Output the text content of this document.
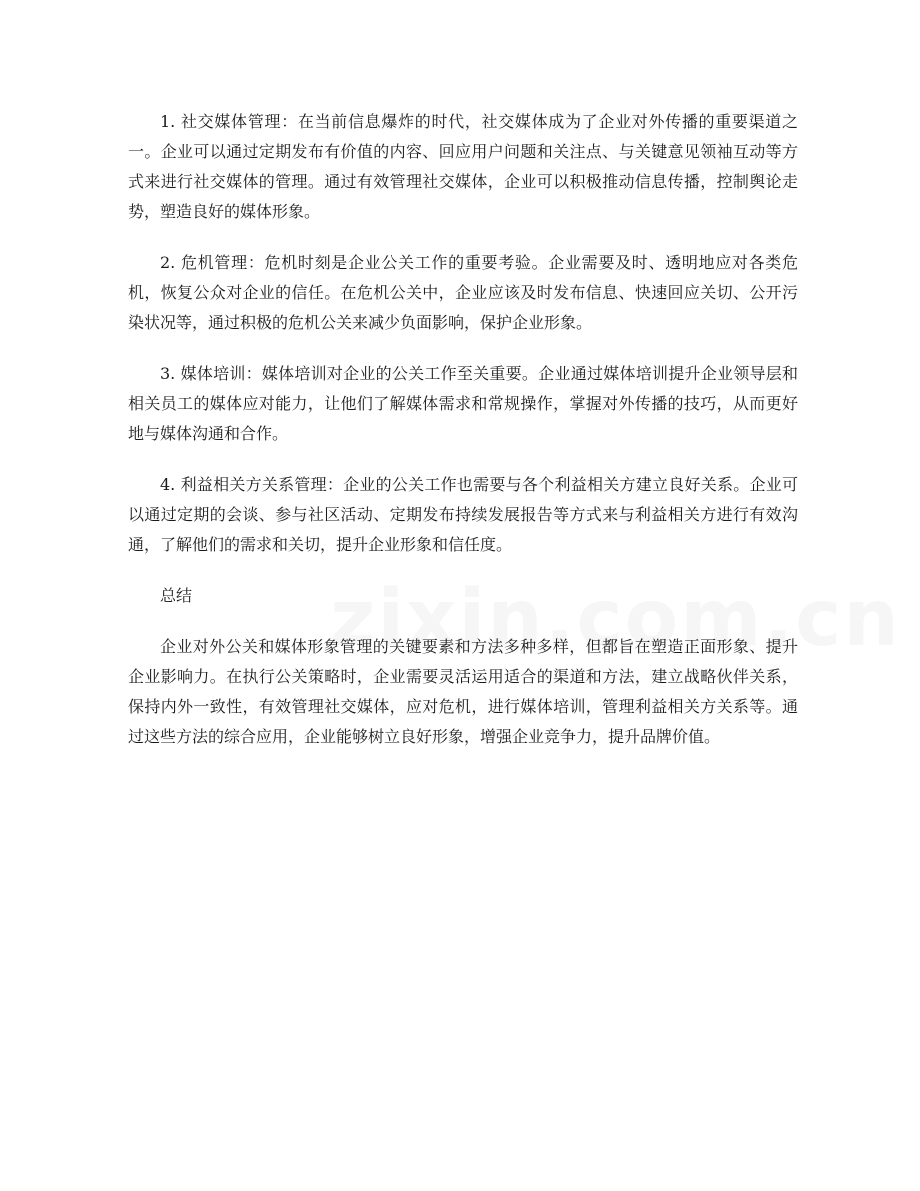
1. 社交媒体管理：在当前信息爆炸的时代，社交媒体成为了企业对外传播的重要渠道之一。企业可以通过定期发布有价值的内容、回应用户问题和关注点、与关键意见领袖互动等方式来进行社交媒体的管理。通过有效管理社交媒体，企业可以积极推动信息传播，控制舆论走势，塑造良好的媒体形象。

2. 危机管理：危机时刻是企业公关工作的重要考验。企业需要及时、透明地应对各类危机，恢复公众对企业的信任。在危机公关中，企业应该及时发布信息、快速回应关切、公开污染状况等，通过积极的危机公关来减少负面影响，保护企业形象。

3. 媒体培训：媒体培训对企业的公关工作至关重要。企业通过媒体培训提升企业领导层和相关员工的媒体应对能力，让他们了解媒体需求和常规操作，掌握对外传播的技巧，从而更好地与媒体沟通和合作。

4. 利益相关方关系管理：企业的公关工作也需要与各个利益相关方建立良好关系。企业可以通过定期的会谈、参与社区活动、定期发布持续发展报告等方式来与利益相关方进行有效沟通，了解他们的需求和关切，提升企业形象和信任度。

总结

企业对外公关和媒体形象管理的关键要素和方法多种多样，但都旨在塑造正面形象、提升企业影响力。在执行公关策略时，企业需要灵活运用适合的渠道和方法，建立战略伙伴关系，保持内外一致性，有效管理社交媒体，应对危机，进行媒体培训，管理利益相关方关系等。通过这些方法的综合应用，企业能够树立良好形象，增强企业竞争力，提升品牌价值。
